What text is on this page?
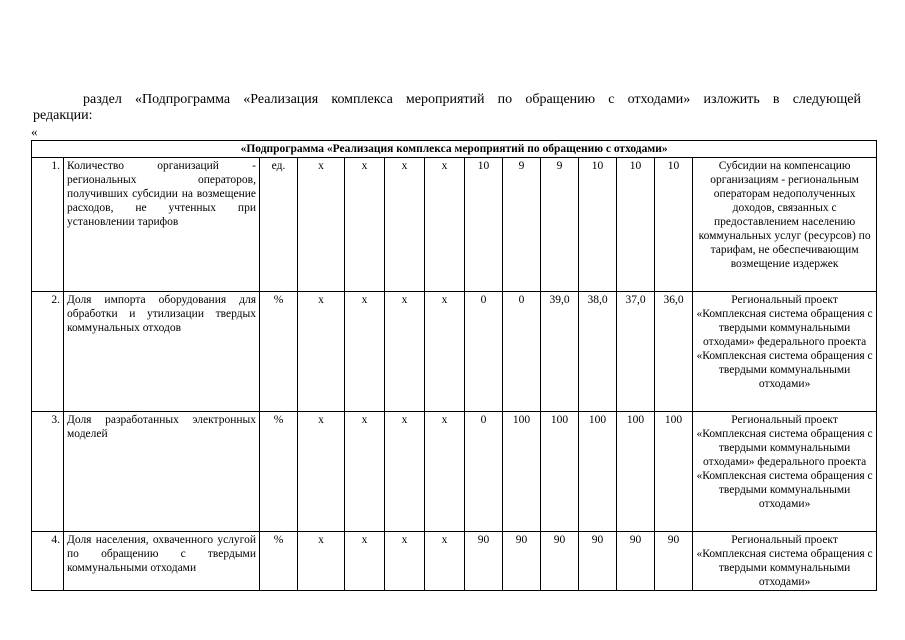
раздел «Подпрограмма «Реализация комплекса мероприятий по обращению с отходами» изложить в следующей
редакции:
«
«Подпрограмма «Реализация комплекса мероприятий по обращению с отходами»													
1.	Количество организаций - региональных операторов, получивших субсидии на возмещение расходов, не учтенных при установлении тарифов	ед.	x	x	x	x	10	9	9	10	10	10	Субсидии на компенсацию организациям - региональным операторам недополученных доходов, связанных с предоставлением населению коммунальных услуг (ресурсов) по тарифам, не обеспечивающим возмещение издержек
2.	Доля импорта оборудования для обработки и утилизации твердых коммунальных отходов	%	x	x	x	x	0	0	39,0	38,0	37,0	36,0	Региональный проект «Комплексная система обращения с твердыми коммунальными отходами» федерального проекта «Комплексная система обращения с твердыми коммунальными отходами»
3.	Доля разработанных электронных моделей	%	x	x	x	x	0	100	100	100	100	100	Региональный проект «Комплексная система обращения с твердыми коммунальными отходами» федерального проекта «Комплексная система обращения с твердыми коммунальными отходами»
4.	Доля населения, охваченного услугой по обращению с твердыми коммунальными отходами	%	x	x	x	x	90	90	90	90	90	90	Региональный проект «Комплексная система обращения с твердыми коммунальными отходами»
